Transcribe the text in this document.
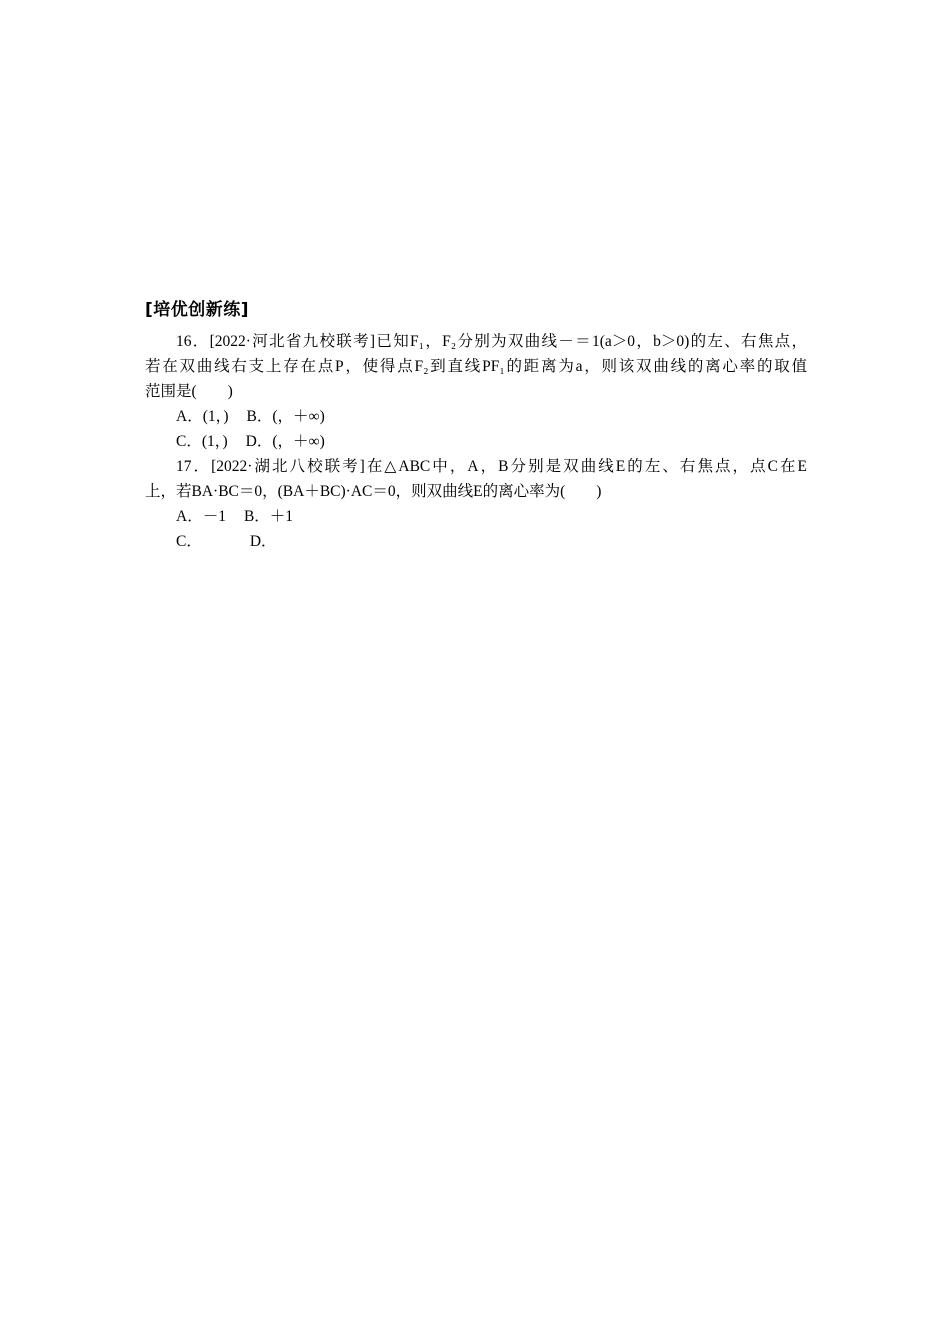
[培优创新练]
16．[2022·河北省九校联考]已知F₁，F₂分别为双曲线－＝1(a＞0，b＞0)的左、右焦点，
若在双曲线右支上存在点P，使得点F₂到直线PF₁的距离为a，则该双曲线的离心率的取值
范围是(　　)
A．(1，) B．(，＋∞)
C．(1，) D．(，＋∞)
17．[2022·湖北八校联考]在△ABC中，A，B分别是双曲线E的左、右焦点，点C在E
上，若BA·BC＝0，(BA＋BC)·AC＝0，则双曲线E的离心率为(　　)
A．－1 B．＋1
C．	D．
